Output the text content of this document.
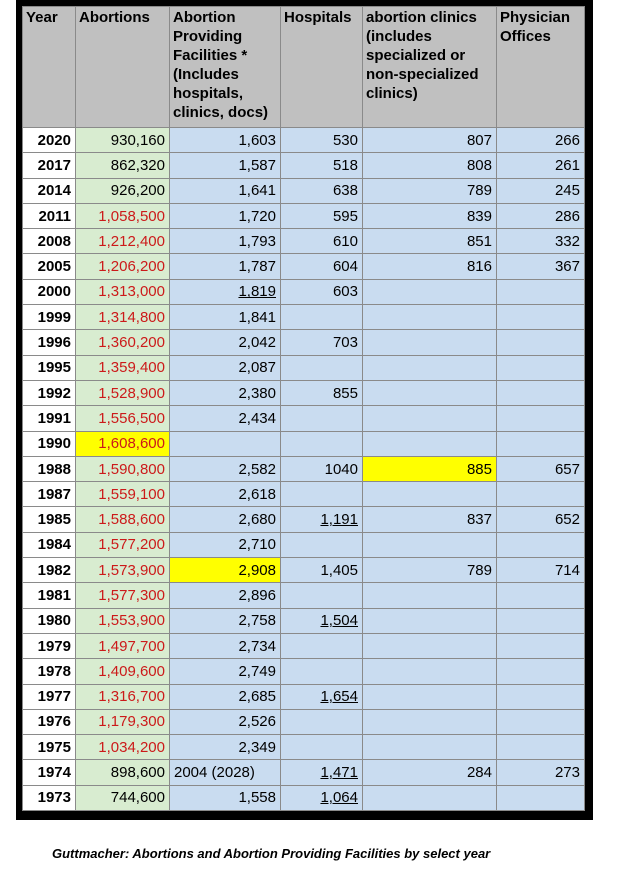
Year	Abortions	Abortion Providing Facilities *(Includes hospitals, clinics, docs)	Hospitals	abortion clinics (includes specialized or non-specialized clinics)	Physician Offices
2020	930,160	1,603	530	807	266
2017	862,320	1,587	518	808	261
2014	926,200	1,641	638	789	245
2011	1,058,500	1,720	595	839	286
2008	1,212,400	1,793	610	851	332
2005	1,206,200	1,787	604	816	367
2000	1,313,000	1,819	603		
1999	1,314,800	1,841			
1996	1,360,200	2,042	703		
1995	1,359,400	2,087			
1992	1,528,900	2,380	855		
1991	1,556,500	2,434			
1990	1,608,600				
1988	1,590,800	2,582	1040	885	657
1987	1,559,100	2,618			
1985	1,588,600	2,680	1,191	837	652
1984	1,577,200	2,710			
1982	1,573,900	2,908	1,405	789	714
1981	1,577,300	2,896			
1980	1,553,900	2,758	1,504		
1979	1,497,700	2,734			
1978	1,409,600	2,749			
1977	1,316,700	2,685	1,654		
1976	1,179,300	2,526			
1975	1,034,200	2,349			
1974	898,600	2004 (2028)	1,471	284	273
1973	744,600	1,558	1,064		
Guttmacher: Abortions and Abortion Providing Facilities by select year
